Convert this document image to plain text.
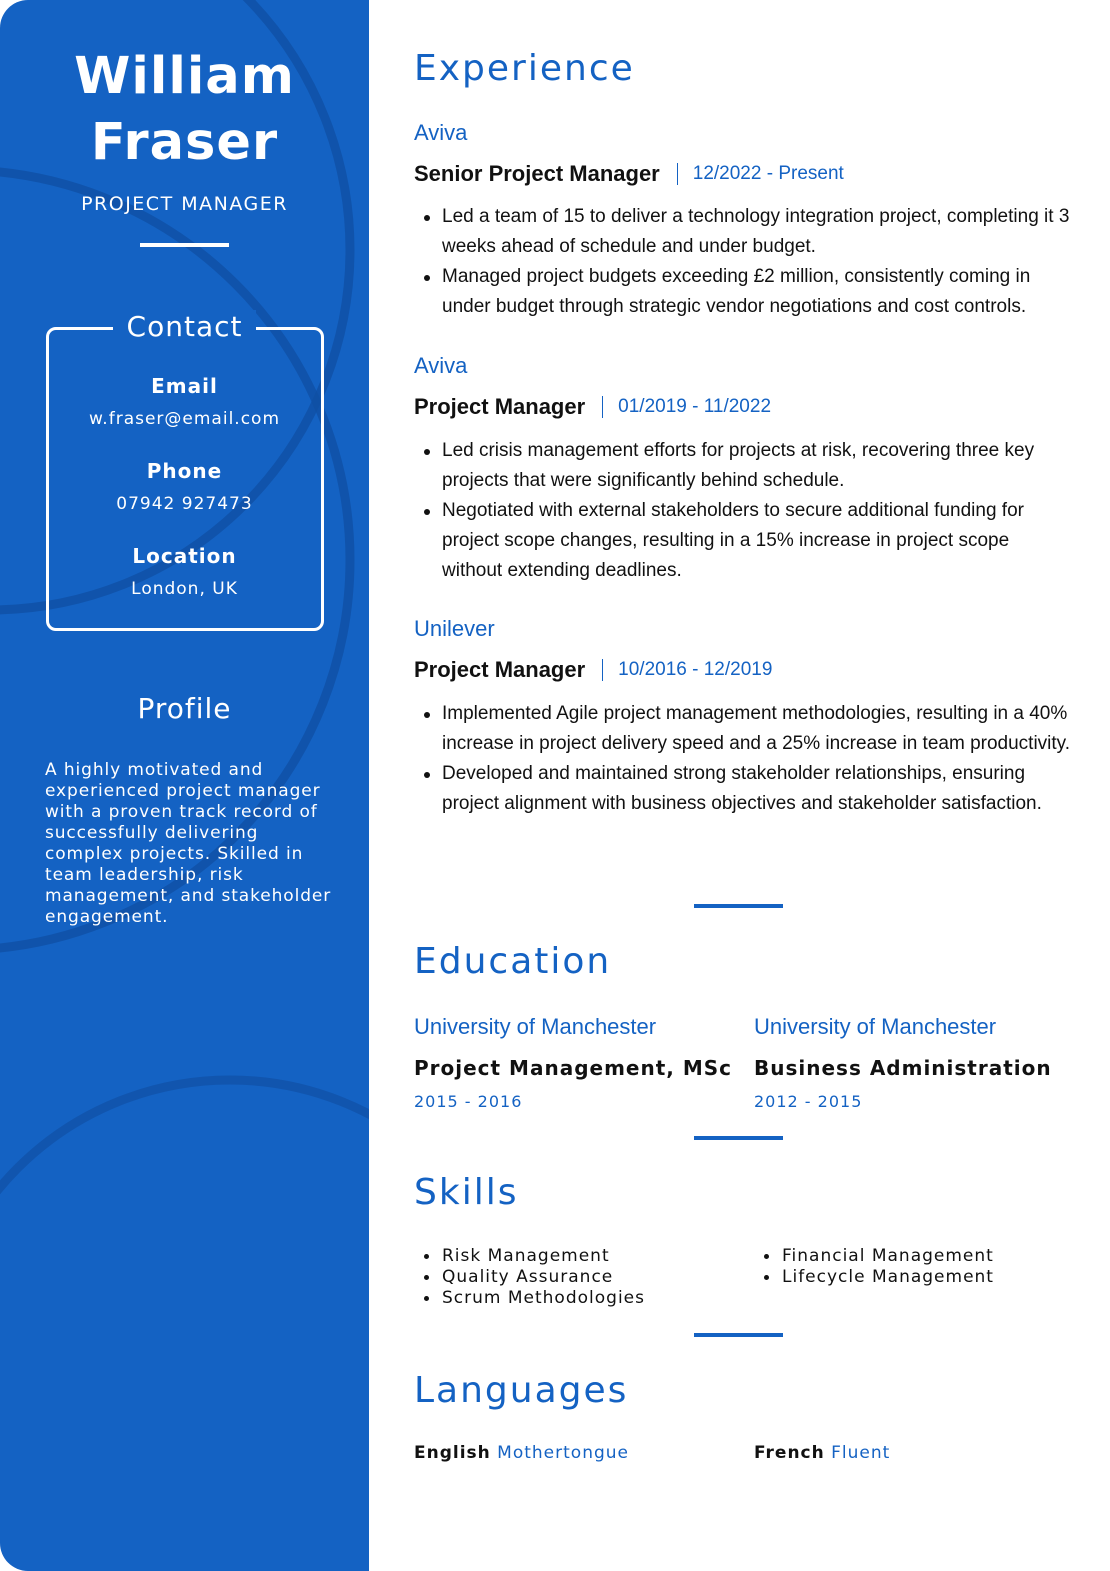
William
Fraser
PROJECT MANAGER
Contact
Email
w.fraser@email.com
Phone
07942 927473
Location
London, UK
Profile
A highly motivated and experienced project manager with a proven track record of successfully delivering complex projects. Skilled in team leadership, risk management, and stakeholder engagement.
Experience
Aviva
Senior Project Manager 12/2022 - Present
Led a team of 15 to deliver a technology integration project, completing it 3 weeks ahead of schedule and under budget.
Managed project budgets exceeding £2 million, consistently coming in under budget through strategic vendor negotiations and cost controls.
Aviva
Project Manager 01/2019 - 11/2022
Led crisis management efforts for projects at risk, recovering three key projects that were significantly behind schedule.
Negotiated with external stakeholders to secure additional funding for project scope changes, resulting in a 15% increase in project scope without extending deadlines.
Unilever
Project Manager 10/2016 - 12/2019
Implemented Agile project management methodologies, resulting in a 40% increase in project delivery speed and a 25% increase in team productivity.
Developed and maintained strong stakeholder relationships, ensuring project alignment with business objectives and stakeholder satisfaction.
Education
University of Manchester
Project Management, MSc
2015 - 2016
University of Manchester
Business Administration
2012 - 2015
Skills
Risk Management
Quality Assurance
Scrum Methodologies
Financial Management
Lifecycle Management
Languages
English Mothertongue	French Fluent
